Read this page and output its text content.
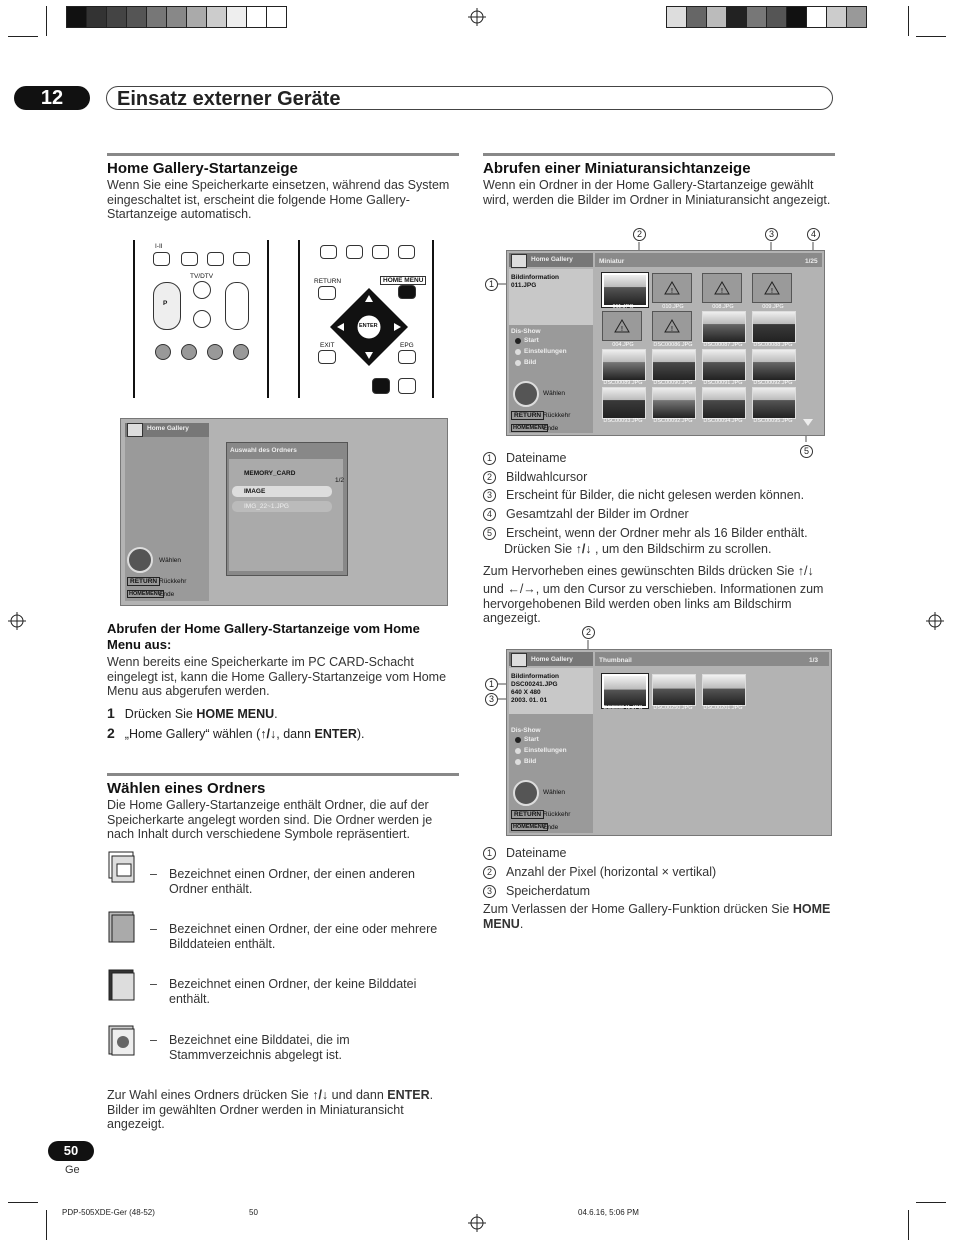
12	Einsatz externer Geräte
Home Gallery-Startanzeige
Wenn Sie eine Speicherkarte einsetzen, während das System eingeschaltet ist, erscheint die folgende Home Gallery-Startanzeige automatisch.
I-II
TV/DTV
P
RETURN	HOME MENU
ENTER
EXIT	EPG
Home Gallery
Auswahl des Ordners
MEMORY_CARD
1/2
IMAGE
IMG_22~1.JPG
Wählen
RETURN Rückkehr
HOMEMENU
Ende
Abrufen der Home Gallery-Startanzeige vom Home Menu aus:
Wenn bereits eine Speicherkarte im PC CARD-Schacht eingelegt ist, kann die Home Gallery-Startanzeige vom Home Menu aus abgerufen werden.
1 Drücken Sie HOME MENU.
2 „Home Gallery“ wählen (↑/↓, dann ENTER).
Wählen eines Ordners
Die Home Gallery-Startanzeige enthält Ordner, die auf der Speicherkarte angelegt worden sind. Die Ordner werden je nach Inhalt durch verschiedene Symbole repräsentiert.
– Bezeichnet einen Ordner, der einen anderen Ordner enthält.
– Bezeichnet einen Ordner, der eine oder mehrere Bilddateien enthält.
– Bezeichnet einen Ordner, der keine Bilddatei enthält.
– Bezeichnet eine Bilddatei, die im Stammverzeichnis abgelegt ist.
Zur Wahl eines Ordners drücken Sie ↑/↓ und dann ENTER. Bilder im gewählten Ordner werden in Miniaturansicht angezeigt.
Abrufen einer Miniaturansichtanzeige
Wenn ein Ordner in der Home Gallery-Startanzeige gewählt wird, werden die Bilder im Ordner in Miniaturansicht angezeigt.
1
2	3	4
5
Home Gallery
Bildinformation
011.JPG
Miniatur	1/25
Dis-Show
Start
Einstellungen
Bild
Wählen
RETURN Rückkehr
HOMEMENU
Ende
011.JPG
!
010.JPG
!
008.JPG
!
009.JPG
!
004.JPG
!
DSC00086.JPG	DSC00087.JPG	DSC00088.JPG
DSC00089.JPG	DSC00090.JPG	DSC00091.JPG	DSC00092.JPG
DSC00093.JPG	DSC00092.JPG	DSC00094.JPG	DSC00095.JPG
1 Dateiname
2 Bildwahlcursor
3 Erscheint für Bilder, die nicht gelesen werden können.
4 Gesamtzahl der Bilder im Ordner
5 Erscheint, wenn der Ordner mehr als 16 Bilder enthält.
Drücken Sie ↑/↓ , um den Bildschirm zu scrollen.
Zum Hervorheben eines gewünschten Bilds drücken Sie ↑/↓
und ←/→, um den Cursor zu verschieben. Informationen zum hervorgehobenen Bild werden oben links am Bildschirm angezeigt.
2
1
3
Home Gallery
Bildinformation
DSC00241.JPG
640 X 480
2003. 01. 01
Thumbnail	1/3
Dis-Show
Start
Einstellungen
Bild
Wählen
RETURN Rückkehr
HOMEMENU
Ende
DSC00241.JPG	DSC00250.JPG	DSC00201.JPG
1 Dateiname
2 Anzahl der Pixel (horizontal × vertikal)
3 Speicherdatum
Zum Verlassen der Home Gallery-Funktion drücken Sie HOME MENU.
50
Ge
PDP-505XDE-Ger (48-52)	50	04.6.16, 5:06 PM
